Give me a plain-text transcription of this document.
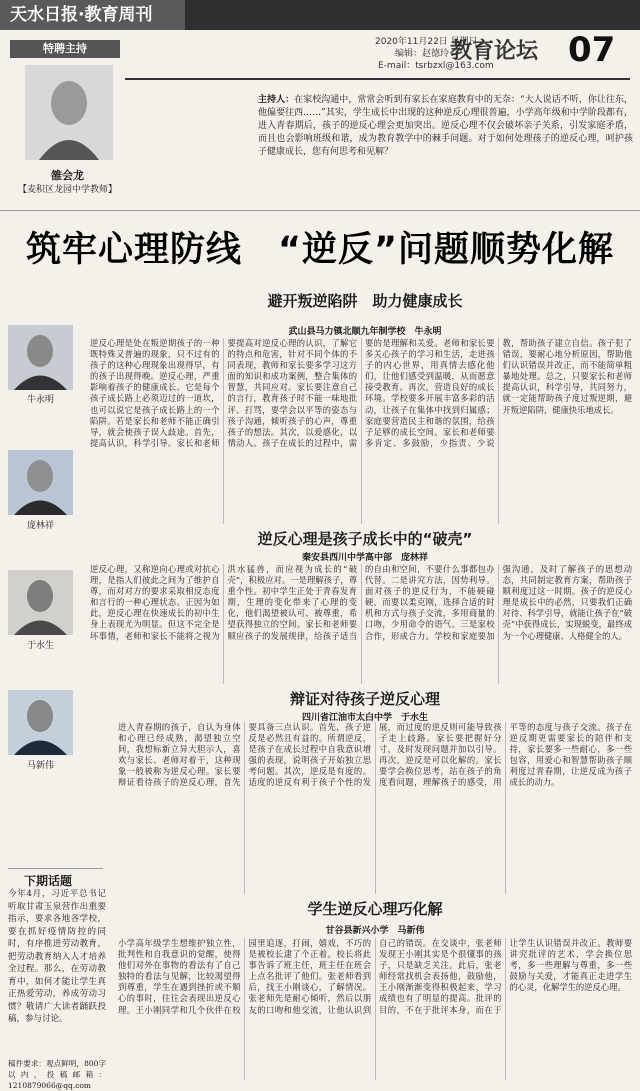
天水日报·教育周刊
2020年11月22日 星期日
编辑：赵德玲
E-mail：tsrbzxl@163.com
教育论坛 07
特聘主持
雒会龙
【麦积区龙园中学教师】
主持人：在家校沟通中，常常会听到有家长在家庭教育中的无奈：“大人说话不听，你让往东，他偏要往西……”其实，学生成长中出现的这种逆反心理很普遍，小学高年级和中学阶段都有，进入青春期后，孩子的逆反心理会更加突出。逆反心理不仅会破坏亲子关系，引发家庭矛盾，而且也会影响班级和谐，成为教育教学中的棘手问题。对于如何处理孩子的逆反心理，呵护孩子健康成长，您有何思考和见解？
筑牢心理防线　“逆反”问题顺势化解
牛永明
庞林祥
于水生
马新伟
避开叛逆陷阱　助力健康成长
武山县马力镇北顺九年制学校　牛永明
逆反心理是处在叛逆期孩子的一种既特殊又普遍的现象，只不过有的孩子的这种心理现象出现得早，有的孩子出现得晚。逆反心理，严重影响着孩子的健康成长。它是每个孩子成长路上必须迈过的一道坎，也可以说它是孩子成长路上的一个陷阱。若是家长和老师不能正确引导，就会使孩子误入歧途。首先，提高认识，科学引导。家长和老师要提高对逆反心理的认识，了解它的特点和危害，针对不同个体的不同表现，教师和家长要多学习这方面的知识和成功案例，整合集体的智慧，共同应对。家长要注意自己的言行，教育孩子时不能一味地批评、打骂，要学会以平等的姿态与孩子沟通，倾听孩子的心声，尊重孩子的想法。其次，以爱感化，以情动人。孩子在成长的过程中，需要的是理解和关爱。老师和家长要多关心孩子的学习和生活，走进孩子的内心世界，用真情去感化他们，让他们感受到温暖，从而愿意接受教育。再次，营造良好的成长环境。学校要多开展丰富多彩的活动，让孩子在集体中找到归属感；家庭要营造民主和谐的氛围，给孩子足够的成长空间。家长和老师要多肯定、多鼓励，少指责、少说教，帮助孩子建立自信。孩子犯了错误，要耐心地分析原因，帮助他们认识错误并改正，而不能简单粗暴地处理。总之，只要家长和老师提高认识，科学引导，共同努力，就一定能帮助孩子度过叛逆期，避开叛逆陷阱，健康快乐地成长。
逆反心理是孩子成长中的“破壳”
秦安县西川中学高中部　庞林祥
逆反心理，又称逆向心理或对抗心理，是指人们彼此之间为了维护自尊，而对对方的要求采取相反态度和言行的一种心理状态。正因为如此，逆反心理在快速成长的初中生身上表现尤为明显。但这不完全是坏事情，老师和家长不能将之视为洪水猛兽，而应视为成长的“破壳”，积极应对。一是理解孩子，尊重个性。初中学生正处于青春发育期，生理的变化带来了心理的变化，他们渴望被认可、被尊重，希望获得独立的空间。家长和老师要顺应孩子的发展规律，给孩子适当的自由和空间，不要什么事都包办代替。二是讲究方法，因势利导。面对孩子的逆反行为，不能硬碰硬，而要以柔克刚，选择合适的时机和方式与孩子交流，多用商量的口吻，少用命令的语气。三是家校合作，形成合力。学校和家庭要加强沟通，及时了解孩子的思想动态，共同制定教育方案，帮助孩子顺利度过这一时期。孩子的逆反心理是成长中的必然，只要我们正确对待、科学引导，就能让孩子在“破壳”中获得成长，实现蜕变，最终成为一个心理健康、人格健全的人。
辩证对待孩子逆反心理
四川省江油市太白中学　于水生
进入青春期的孩子，自认为身体和心理已经成熟，渴望独立空间，我想标新立异大胆示人，喜欢与家长、老师对着干，这种现象一般被称为逆反心理。家长要辩证看待孩子的逆反心理，首先要具备三点认识。首先，孩子逆反是必然且有益的。所谓逆反，是孩子在成长过程中自我意识增强的表现，说明孩子开始独立思考问题。其次，逆反是有度的。适度的逆反有利于孩子个性的发展，而过度的逆反则可能导致孩子走上歧路。家长要把握好分寸，及时发现问题并加以引导。再次，逆反是可以化解的。家长要学会换位思考，站在孩子的角度看问题，理解孩子的感受，用平等的态度与孩子交流。孩子在逆反期更需要家长的陪伴和支持，家长要多一些耐心，多一些包容，用爱心和智慧帮助孩子顺利度过青春期，让逆反成为孩子成长的动力。
下期话题
今年4月，习近平总书记听取甘肃玉泉营作出重要指示，要求各地各学校，要在抓好疫情防控的同时，有序推进劳动教育，把劳动教育纳入人才培养全过程。那么，在劳动教育中，如何才能让学生真正热爱劳动，养成劳动习惯？敬请广大读者踊跃投稿，参与讨论。
稿件要求：观点鲜明，800字以内，投稿邮箱：1210879066@qq.com
学生逆反心理巧化解
甘谷县新兴小学　马新伟
小学高年级学生想维护独立性，批判性和自我意识的觉醒，使得他们对外在事物的看法有了自己独特的看法与见解，比较渴望得到尊重，学生在遇到挫折或不顺心的事时，往往会表现出逆反心理。王小刚同学和几个伙伴在校园里追逐，打闹，嬉戏，不巧的是被校长逮了个正着。校长将此事告诉了班主任，班主任在班会上点名批评了他们。张老师看到后，找王小刚谈心，了解情况。张老师先是耐心倾听，然后以朋友的口吻和他交流，让他认识到自己的错误。在交谈中，张老师发现王小刚其实是个很懂事的孩子，只是缺乏关注。此后，张老师经常找机会表扬他，鼓励他，王小刚渐渐变得积极起来，学习成绩也有了明显的提高。批评的目的，不在于批评本身，而在于让学生认识错误并改正。教师要讲究批评的艺术，学会换位思考，多一些理解与尊重，多一些鼓励与关爱，才能真正走进学生的心灵，化解学生的逆反心理。
